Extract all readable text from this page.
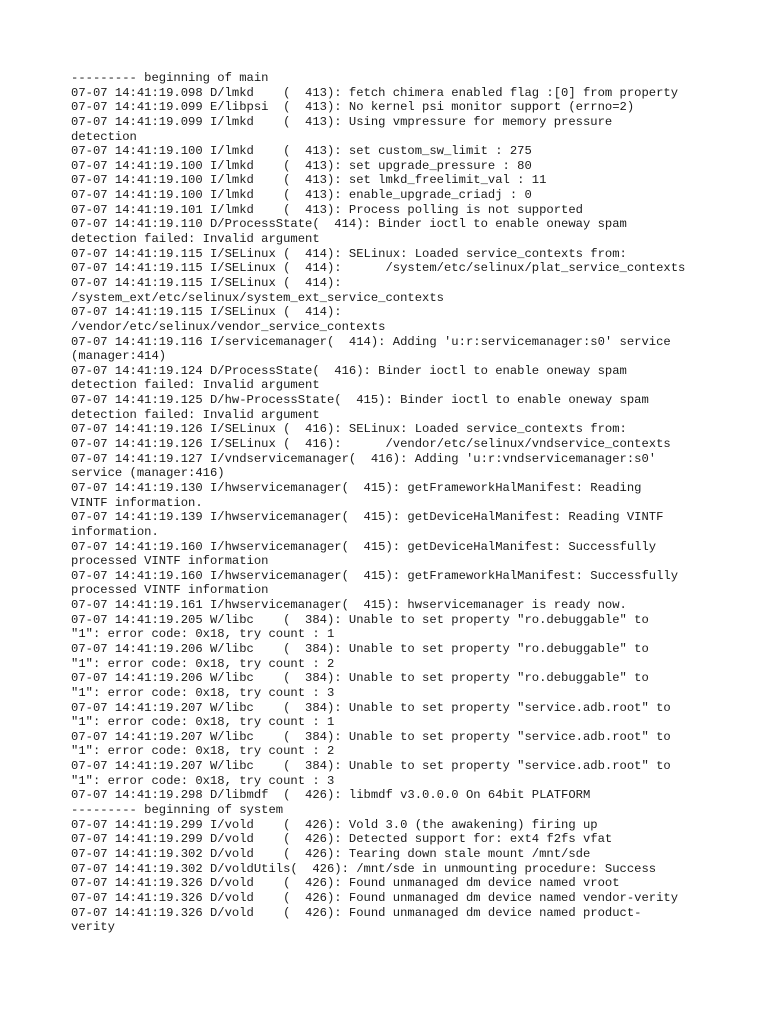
--------- beginning of main
07-07 14:41:19.098 D/lmkd    (  413): fetch chimera enabled flag :[0] from property
07-07 14:41:19.099 E/libpsi  (  413): No kernel psi monitor support (errno=2)
07-07 14:41:19.099 I/lmkd    (  413): Using vmpressure for memory pressure
detection
07-07 14:41:19.100 I/lmkd    (  413): set custom_sw_limit : 275
07-07 14:41:19.100 I/lmkd    (  413): set upgrade_pressure : 80
07-07 14:41:19.100 I/lmkd    (  413): set lmkd_freelimit_val : 11
07-07 14:41:19.100 I/lmkd    (  413): enable_upgrade_criadj : 0
07-07 14:41:19.101 I/lmkd    (  413): Process polling is not supported
07-07 14:41:19.110 D/ProcessState(  414): Binder ioctl to enable oneway spam
detection failed: Invalid argument
07-07 14:41:19.115 I/SELinux (  414): SELinux: Loaded service_contexts from:
07-07 14:41:19.115 I/SELinux (  414):      /system/etc/selinux/plat_service_contexts
07-07 14:41:19.115 I/SELinux (  414):
/system_ext/etc/selinux/system_ext_service_contexts
07-07 14:41:19.115 I/SELinux (  414):
/vendor/etc/selinux/vendor_service_contexts
07-07 14:41:19.116 I/servicemanager(  414): Adding 'u:r:servicemanager:s0' service
(manager:414)
07-07 14:41:19.124 D/ProcessState(  416): Binder ioctl to enable oneway spam
detection failed: Invalid argument
07-07 14:41:19.125 D/hw-ProcessState(  415): Binder ioctl to enable oneway spam
detection failed: Invalid argument
07-07 14:41:19.126 I/SELinux (  416): SELinux: Loaded service_contexts from:
07-07 14:41:19.126 I/SELinux (  416):      /vendor/etc/selinux/vndservice_contexts
07-07 14:41:19.127 I/vndservicemanager(  416): Adding 'u:r:vndservicemanager:s0'
service (manager:416)
07-07 14:41:19.130 I/hwservicemanager(  415): getFrameworkHalManifest: Reading
VINTF information.
07-07 14:41:19.139 I/hwservicemanager(  415): getDeviceHalManifest: Reading VINTF
information.
07-07 14:41:19.160 I/hwservicemanager(  415): getDeviceHalManifest: Successfully
processed VINTF information
07-07 14:41:19.160 I/hwservicemanager(  415): getFrameworkHalManifest: Successfully
processed VINTF information
07-07 14:41:19.161 I/hwservicemanager(  415): hwservicemanager is ready now.
07-07 14:41:19.205 W/libc    (  384): Unable to set property "ro.debuggable" to
"1": error code: 0x18, try count : 1
07-07 14:41:19.206 W/libc    (  384): Unable to set property "ro.debuggable" to
"1": error code: 0x18, try count : 2
07-07 14:41:19.206 W/libc    (  384): Unable to set property "ro.debuggable" to
"1": error code: 0x18, try count : 3
07-07 14:41:19.207 W/libc    (  384): Unable to set property "service.adb.root" to
"1": error code: 0x18, try count : 1
07-07 14:41:19.207 W/libc    (  384): Unable to set property "service.adb.root" to
"1": error code: 0x18, try count : 2
07-07 14:41:19.207 W/libc    (  384): Unable to set property "service.adb.root" to
"1": error code: 0x18, try count : 3
07-07 14:41:19.298 D/libmdf  (  426): libmdf v3.0.0.0 On 64bit PLATFORM
--------- beginning of system
07-07 14:41:19.299 I/vold    (  426): Vold 3.0 (the awakening) firing up
07-07 14:41:19.299 D/vold    (  426): Detected support for: ext4 f2fs vfat
07-07 14:41:19.302 D/vold    (  426): Tearing down stale mount /mnt/sde
07-07 14:41:19.302 D/voldUtils(  426): /mnt/sde in unmounting procedure: Success
07-07 14:41:19.326 D/vold    (  426): Found unmanaged dm device named vroot
07-07 14:41:19.326 D/vold    (  426): Found unmanaged dm device named vendor-verity
07-07 14:41:19.326 D/vold    (  426): Found unmanaged dm device named product-
verity
